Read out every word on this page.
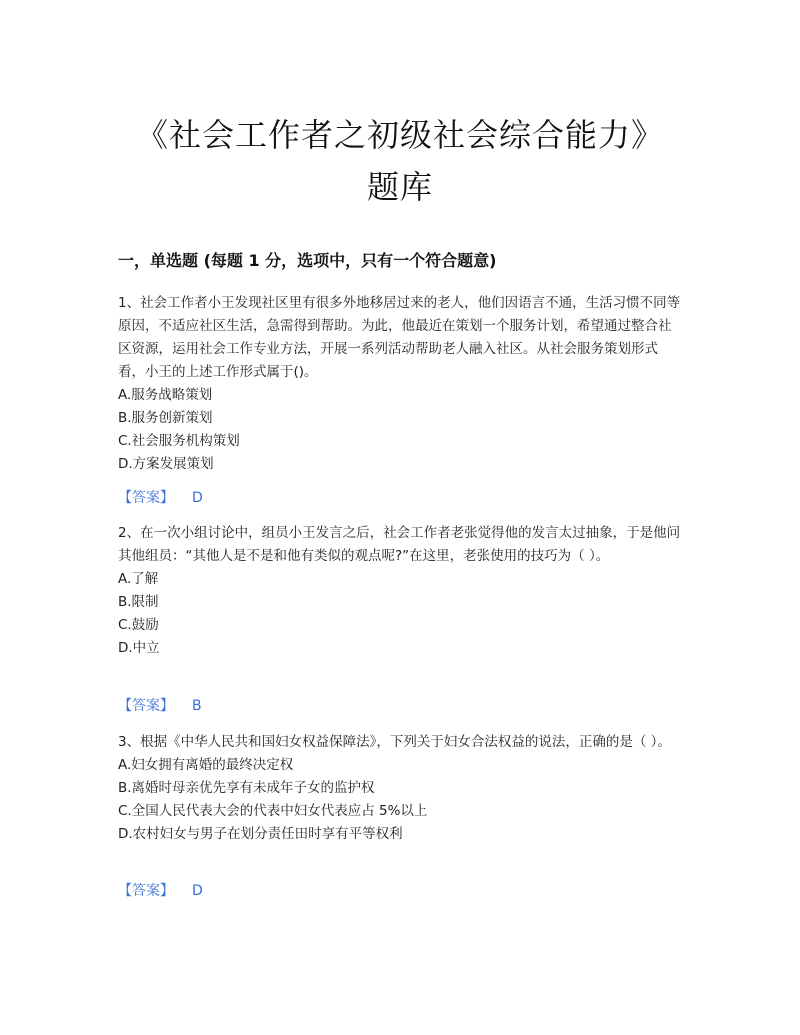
《社会工作者之初级社会综合能力》
题库
一，单选题 (每题 1 分，选项中，只有一个符合题意)

1、社会工作者小王发现社区里有很多外地移居过来的老人，他们因语言不通，生活习惯不同等原因，不适应社区生活，急需得到帮助。为此，他最近在策划一个服务计划，希望通过整合社区资源，运用社会工作专业方法，开展一系列活动帮助老人融入社区。从社会服务策划形式看，小王的上述工作形式属于()。

A.服务战略策划

B.服务创新策划

C.社会服务机构策划

D.方案发展策划

【答案】 D

2、在一次小组讨论中，组员小王发言之后，社会工作者老张觉得他的发言太过抽象，于是他问其他组员：“其他人是不是和他有类似的观点呢?”在这里，老张使用的技巧为（ ）。

A.了解

B.限制

C.鼓励

D.中立

【答案】 B

3、根据《中华人民共和国妇女权益保障法》，下列关于妇女合法权益的说法，正确的是（ ）。

A.妇女拥有离婚的最终决定权

B.离婚时母亲优先享有未成年子女的监护权

C.全国人民代表大会的代表中妇女代表应占 5%以上

D.农村妇女与男子在划分责任田时享有平等权利

【答案】 D
